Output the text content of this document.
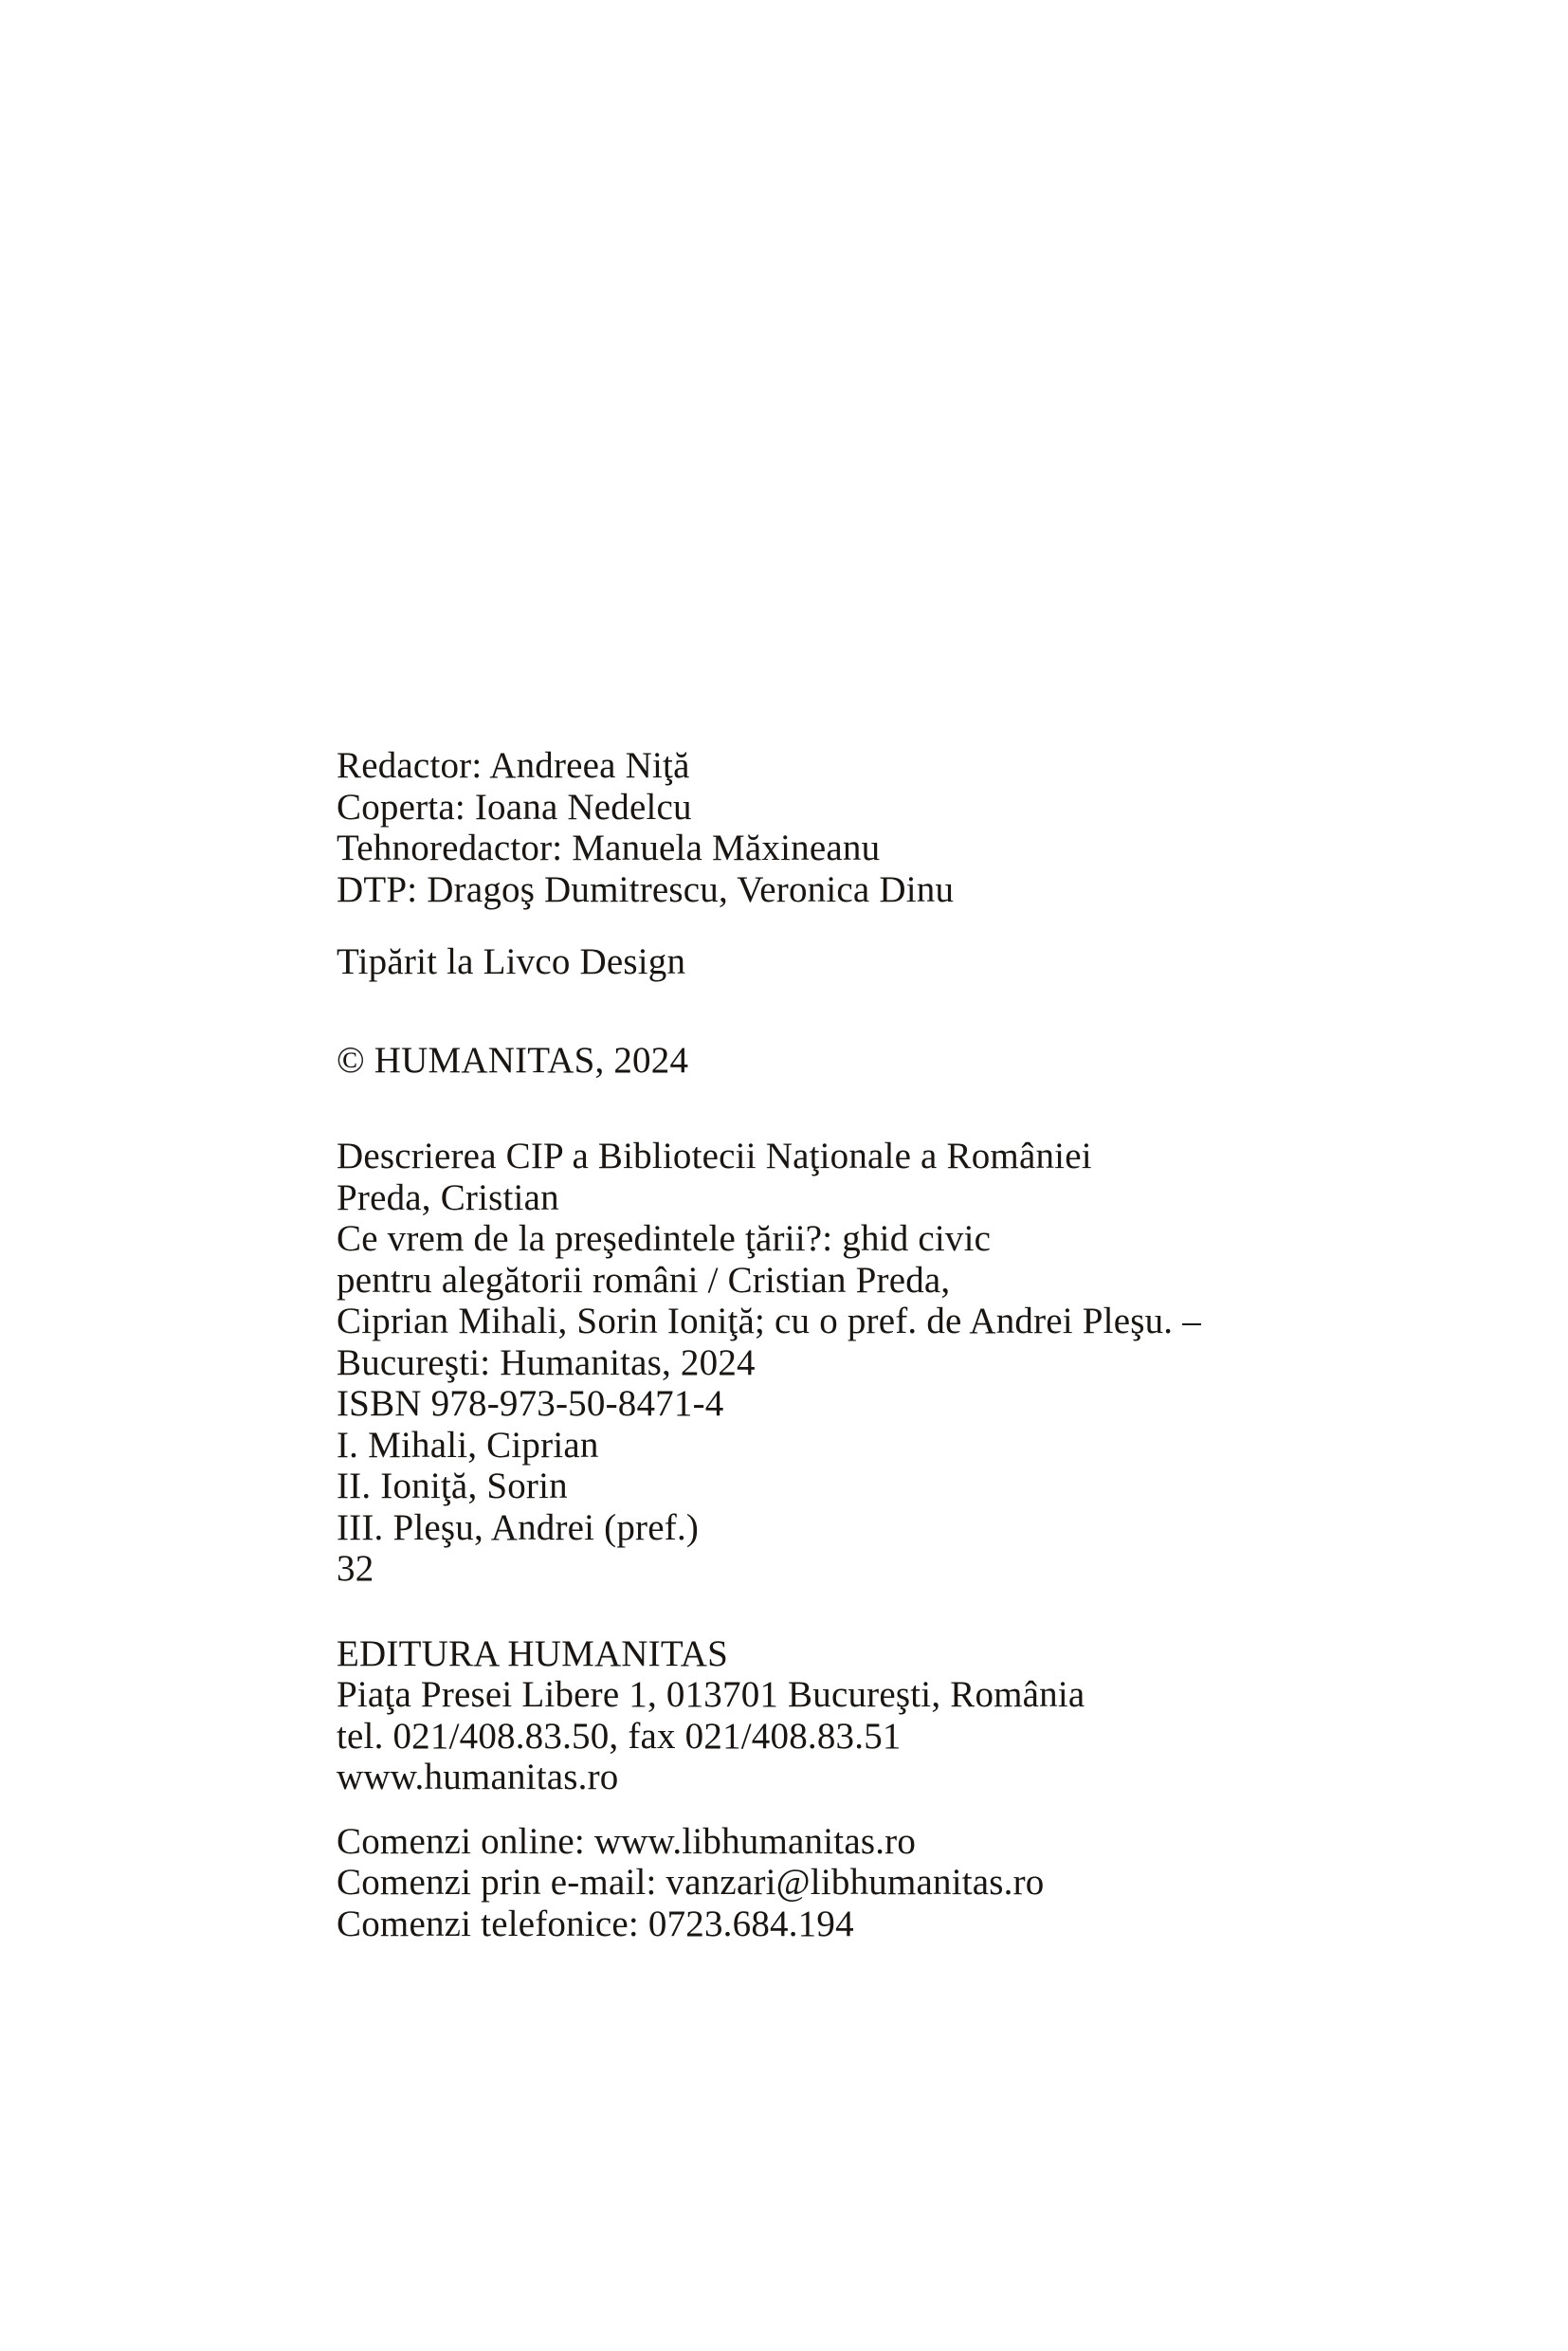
Redactor: Andreea Niţă

Coperta: Ioana Nedelcu

Tehnoredactor: Manuela Măxineanu

DTP: Dragoş Dumitrescu, Veronica Dinu

Tipărit la Livco Design

© HUMANITAS, 2024

Descrierea CIP a Bibliotecii Naţionale a României

Preda, Cristian

Ce vrem de la preşedintele ţării?: ghid civic

pentru alegătorii români / Cristian Preda,

Ciprian Mihali, Sorin Ioniţă; cu o pref. de Andrei Pleşu. –

Bucureşti: Humanitas, 2024

ISBN 978-973-50-8471-4

I. Mihali, Ciprian

II. Ioniţă, Sorin

III. Pleşu, Andrei (pref.)

32

EDITURA HUMANITAS

Piaţa Presei Libere 1, 013701 Bucureşti, România

tel. 021/408.83.50, fax 021/408.83.51

www.humanitas.ro

Comenzi online: www.libhumanitas.ro

Comenzi prin e-mail: vanzari@libhumanitas.ro

Comenzi telefonice: 0723.684.194
